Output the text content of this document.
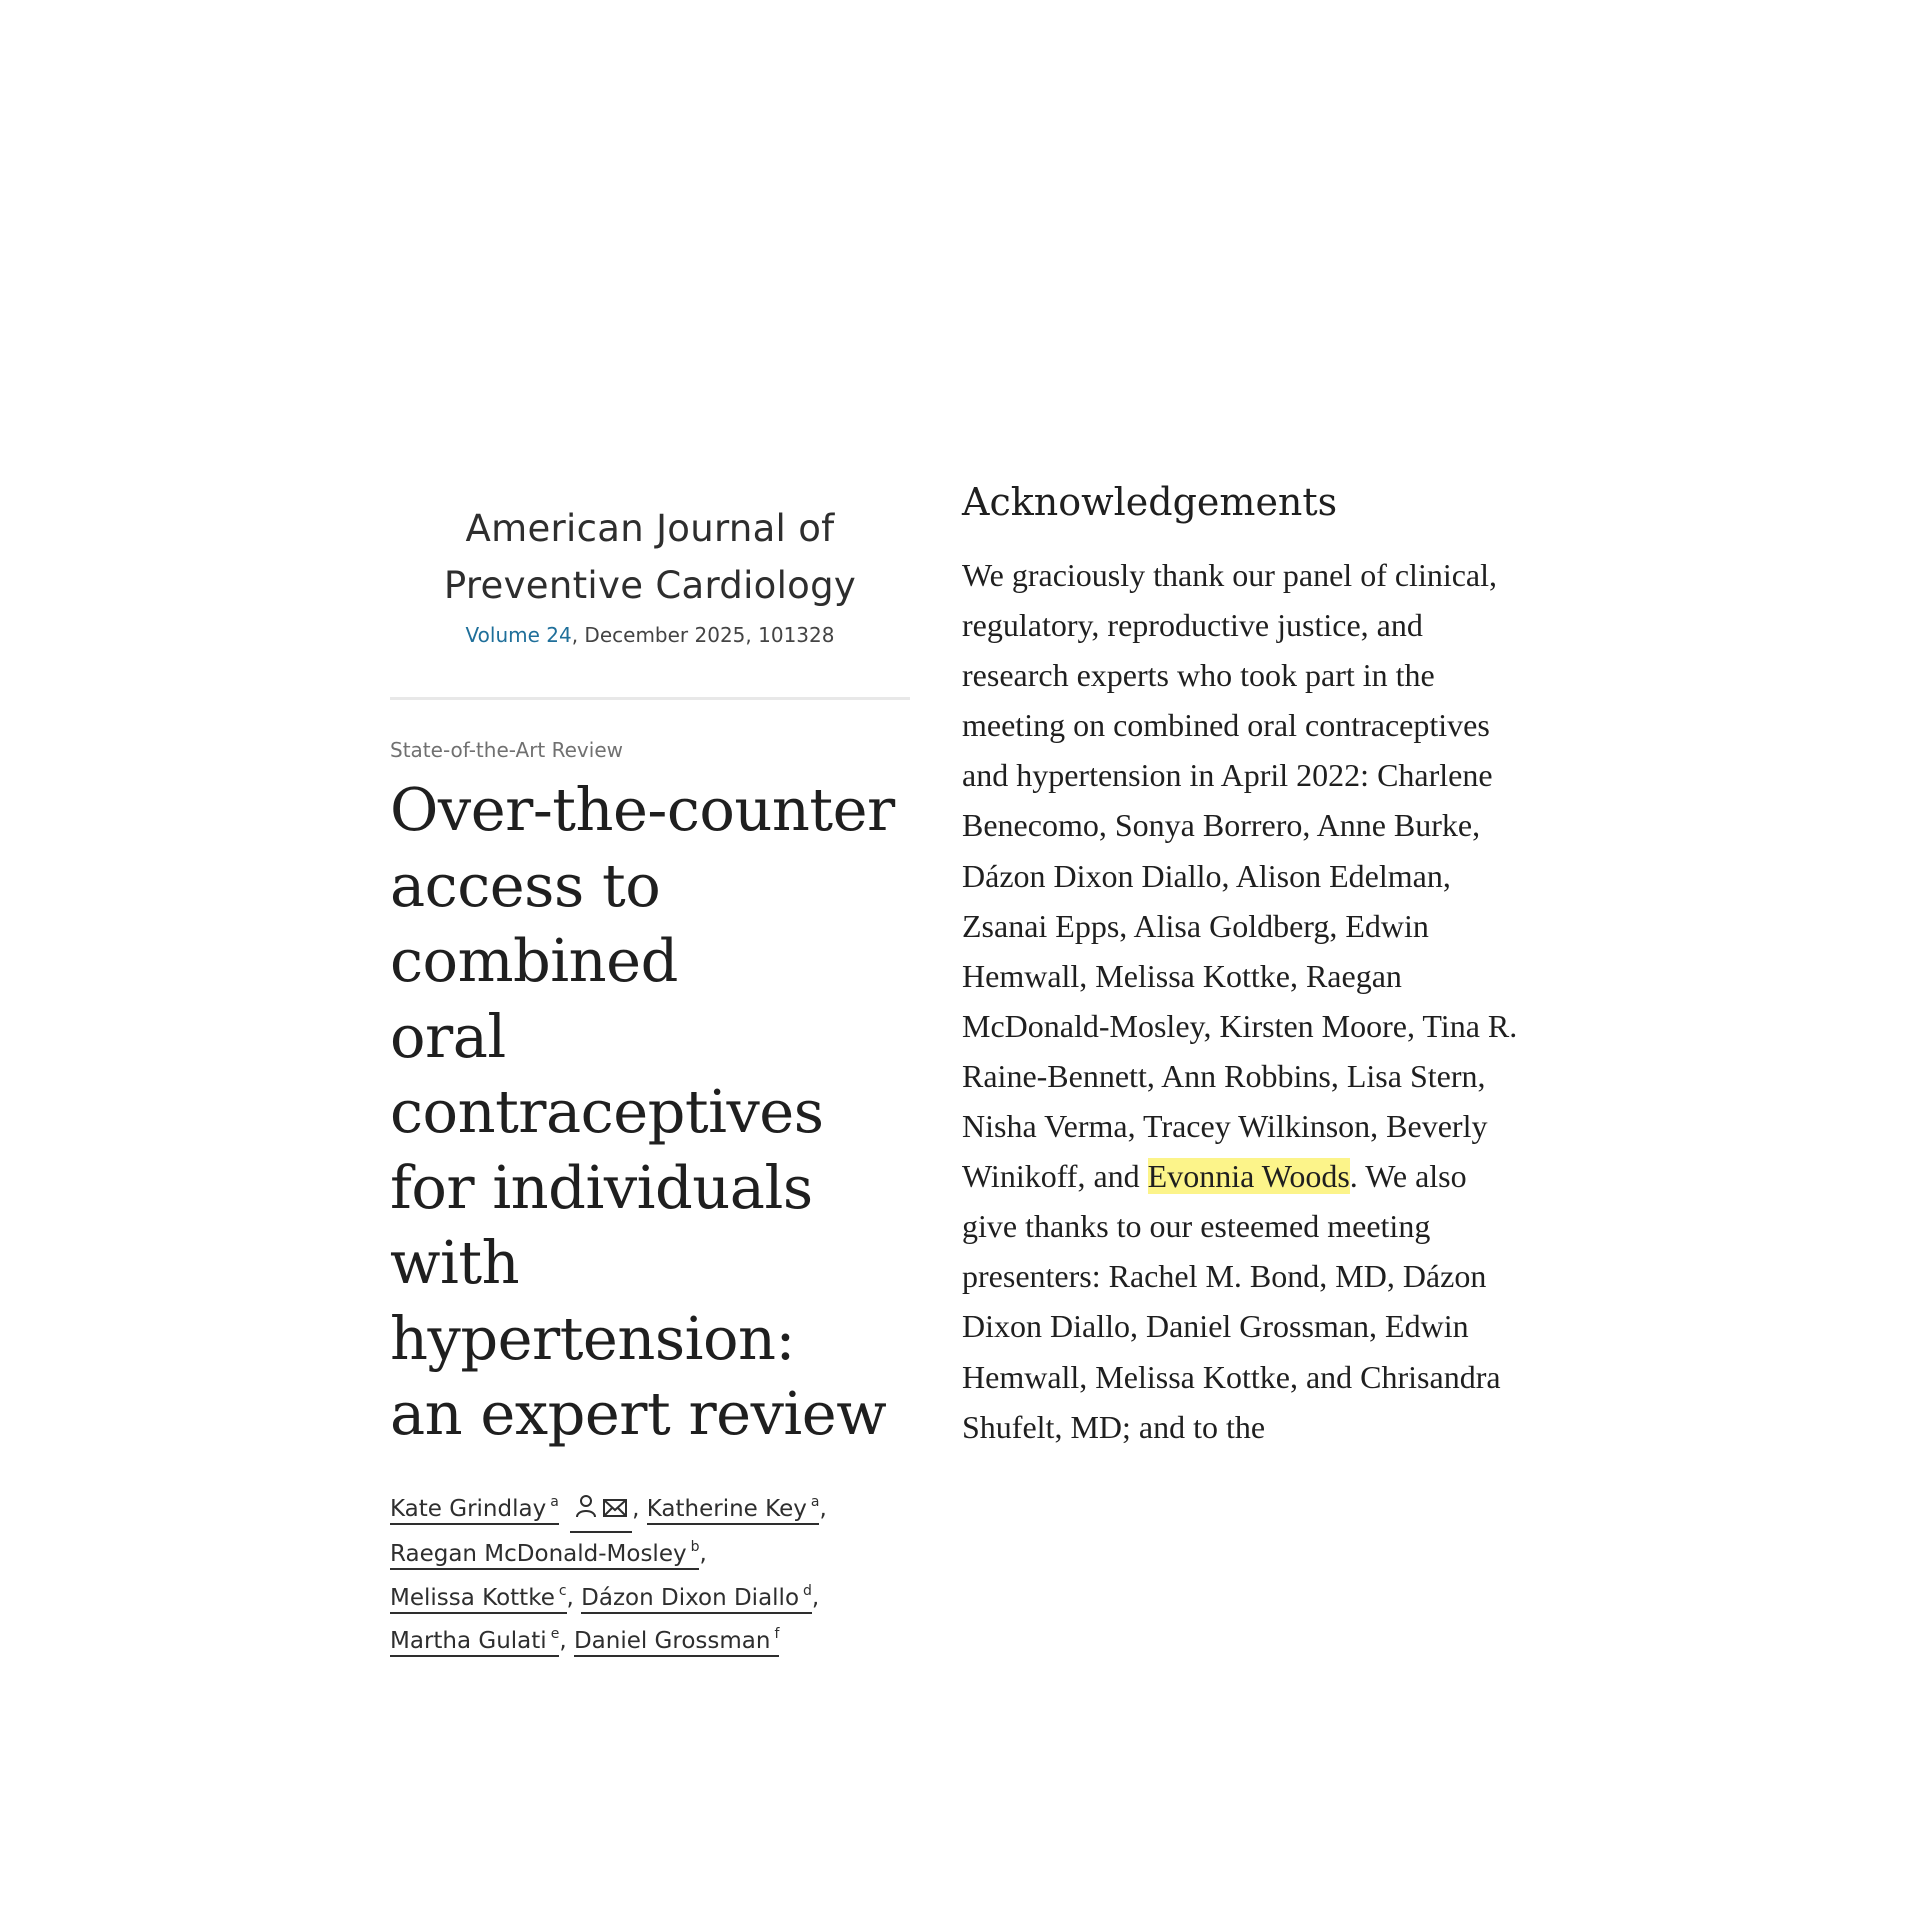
American Journal of
Preventive Cardiology
Volume 24, December 2025, 101328
State-of-the-Art Review
Over-the-counter
access to combined
oral contraceptives
for individuals
with hypertension:
an expert review
Kate Grindlay $^a$	, Katherine Key $^a$,
Raegan McDonald-Mosley $^b$,
Melissa Kottke $^c$, Dázon Dixon Diallo $^d$,
Martha Gulati $^e$, Daniel Grossman $^f$
Acknowledgements

We graciously thank our panel of clinical, regulatory, reproductive justice, and research experts who took part in the meeting on combined oral contraceptives and hypertension in April 2022: Charlene Benecomo, Sonya Borrero, Anne Burke, Dázon Dixon Diallo, Alison Edelman, Zsanai Epps, Alisa Goldberg, Edwin Hemwall, Melissa Kottke, Raegan McDonald-Mosley, Kirsten Moore, Tina R. Raine-Bennett, Ann Robbins, Lisa Stern, Nisha Verma, Tracey Wilkinson, Beverly Winikoff, and Evonnia Woods. We also give thanks to our esteemed meeting presenters: Rachel M. Bond, MD, Dázon Dixon Diallo, Daniel Grossman, Edwin Hemwall, Melissa Kottke, and Chrisandra Shufelt, MD; and to the
